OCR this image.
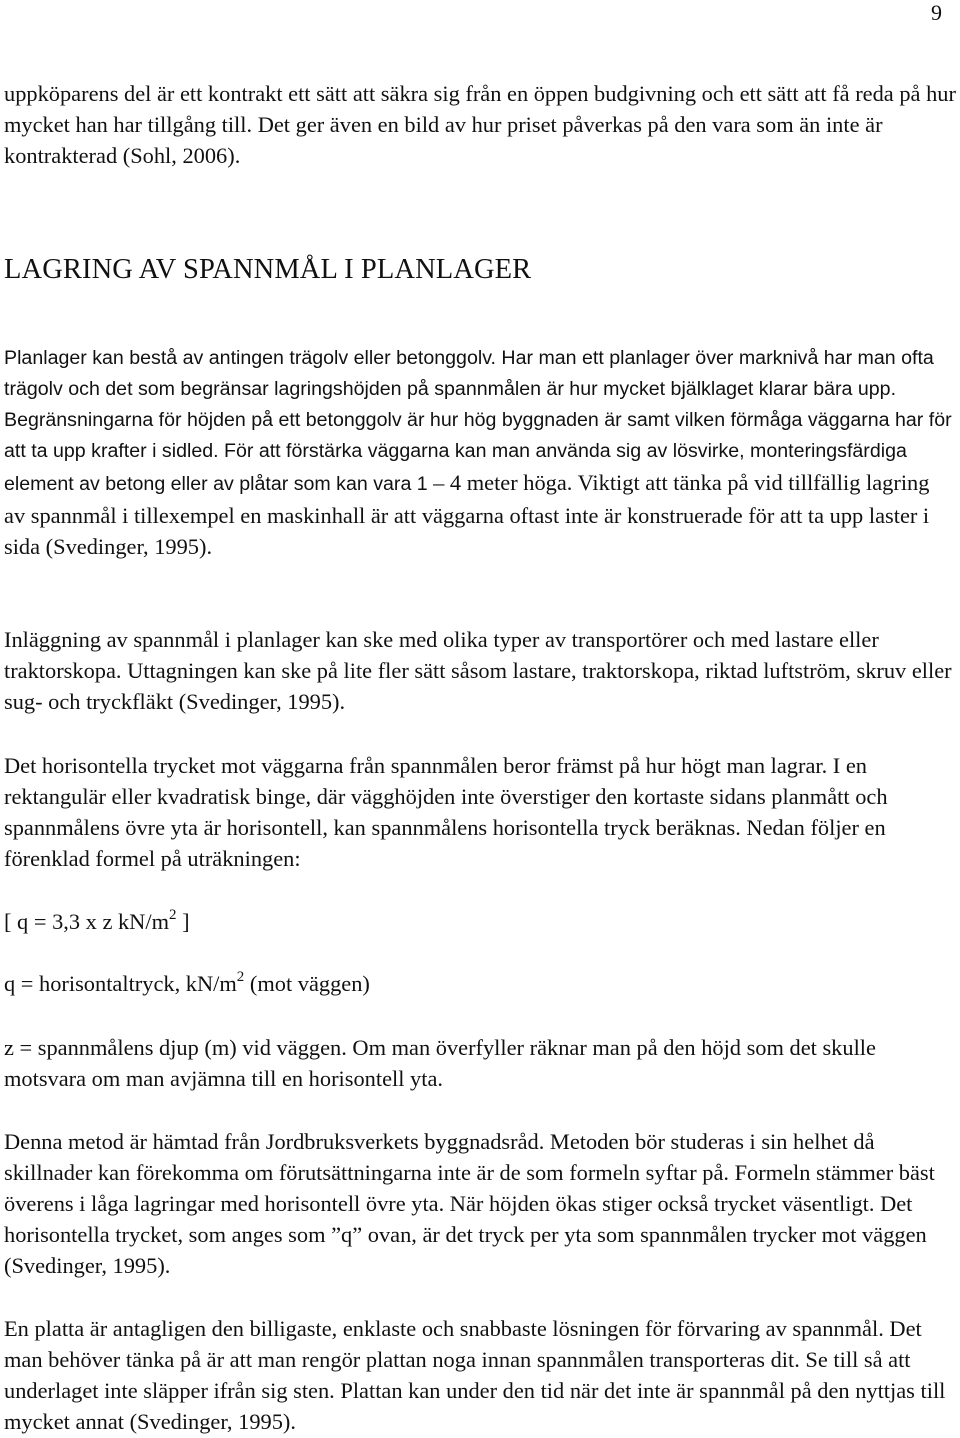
9

uppköparens del är ett kontrakt ett sätt att säkra sig från en öppen budgivning och ett sätt att få reda på hur mycket han har tillgång till. Det ger även en bild av hur priset påverkas på den vara som än inte är kontrakterad (Sohl, 2006).

LAGRING AV SPANNMÅL I PLANLAGER

Planlager kan bestå av antingen trägolv eller betonggolv. Har man ett planlager över marknivå har man ofta trägolv och det som begränsar lagringshöjden på spannmålen är hur mycket bjälklaget klarar bära upp. Begränsningarna för höjden på ett betonggolv är hur hög byggnaden är samt vilken förmåga väggarna har för att ta upp krafter i sidled. För att förstärka väggarna kan man använda sig av lösvirke, monteringsfärdiga element av betong eller av plåtar som kan vara 1 – 4 meter höga. Viktigt att tänka på vid tillfällig lagring av spannmål i tillexempel en maskinhall är att väggarna oftast inte är konstruerade för att ta upp laster i sida (Svedinger, 1995).

Inläggning av spannmål i planlager kan ske med olika typer av transportörer och med lastare eller traktorskopa. Uttagningen kan ske på lite fler sätt såsom lastare, traktorskopa, riktad luftström, skruv eller sug- och tryckfläkt (Svedinger, 1995).

Det horisontella trycket mot väggarna från spannmålen beror främst på hur högt man lagrar. I en rektangulär eller kvadratisk binge, där vägghöjden inte överstiger den kortaste sidans planmått och spannmålens övre yta är horisontell, kan spannmålens horisontella tryck beräknas. Nedan följer en förenklad formel på uträkningen:

[ q = 3,3 x z $kN/m^2$ ]

q = horisontaltryck, $kN/m^2$ (mot väggen)

z = spannmålens djup (m) vid väggen. Om man överfyller räknar man på den höjd som det skulle motsvara om man avjämna till en horisontell yta.

Denna metod är hämtad från Jordbruksverkets byggnadsråd. Metoden bör studeras i sin helhet då skillnader kan förekomma om förutsättningarna inte är de som formeln syftar på. Formeln stämmer bäst överens i låga lagringar med horisontell övre yta. När höjden ökas stiger också trycket väsentligt. Det horisontella trycket, som anges som ”q” ovan, är det tryck per yta som spannmålen trycker mot väggen (Svedinger, 1995).

En platta är antagligen den billigaste, enklaste och snabbaste lösningen för förvaring av spannmål. Det man behöver tänka på är att man rengör plattan noga innan spannmålen transporteras dit. Se till så att underlaget inte släpper ifrån sig sten. Plattan kan under den tid när det inte är spannmål på den nyttjas till mycket annat (Svedinger, 1995).
